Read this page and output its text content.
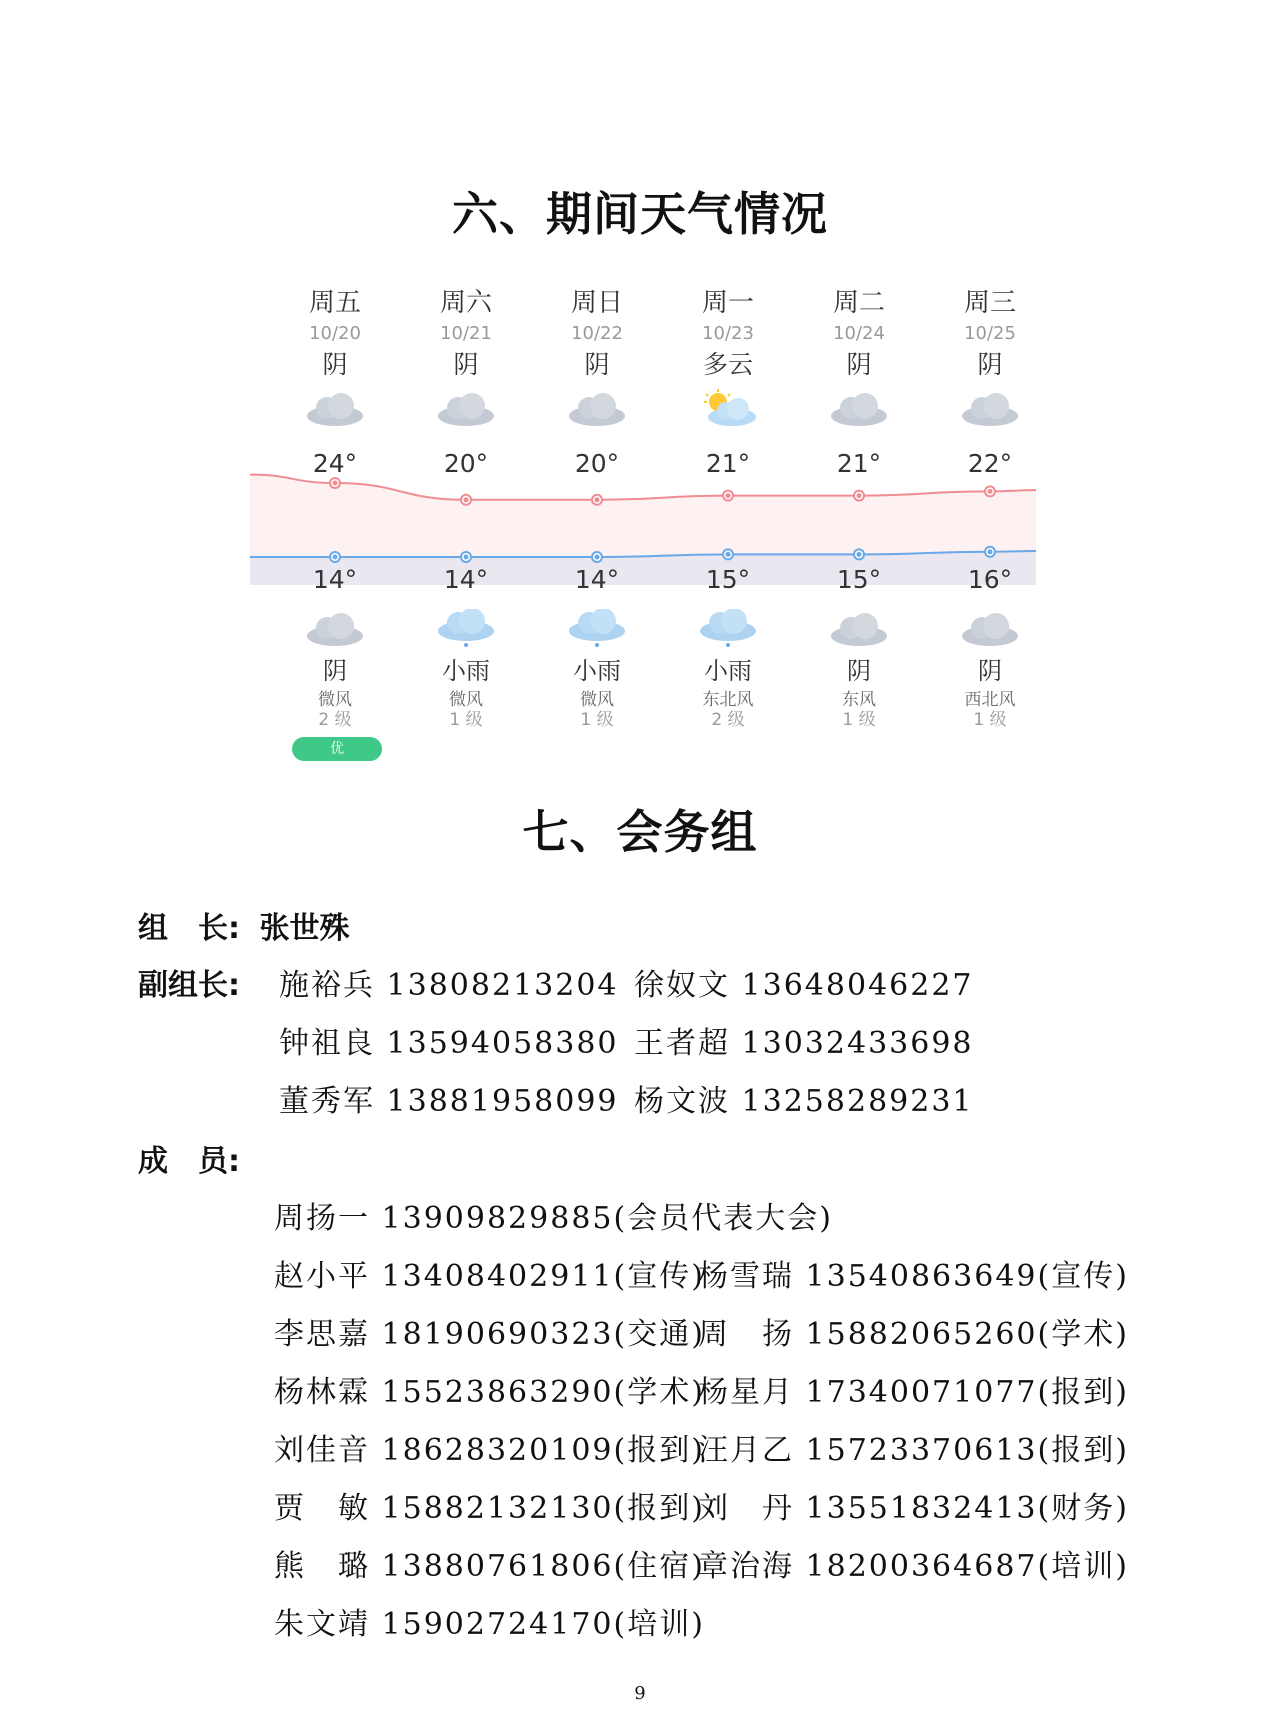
六、期间天气情况
周五
10/20
阴
24°
14°
阴
微风
2 级
周六
10/21
阴
20°
14°
小雨
微风
1 级
周日
10/22
阴
20°
14°
小雨
微风
1 级
周一
10/23
多云
21°
15°
小雨
东北风
2 级
周二
10/24
阴
21°
15°
阴
东风
1 级
周三
10/25
阴
22°
16°
阴
西北风
1 级
优
七、会务组
组　长: 张世殊
副组长: 施裕兵 13808213204 徐奴文 13648046227
钟祖良 13594058380 王者超 13032433698
董秀军 13881958099 杨文波 13258289231
成　员:
周扬一 13909829885(会员代表大会)
赵小平 13408402911(宣传)
杨雪瑞 13540863649(宣传)
李思嘉 18190690323(交通)
周　扬 15882065260(学术)
杨林霖 15523863290(学术)
杨星月 17340071077(报到)
刘佳音 18628320109(报到)
汪月乙 15723370613(报到)
贾　敏 15882132130(报到)
刘　丹 13551832413(财务)
熊　璐 13880761806(住宿)
章治海 18200364687(培训)
朱文靖 15902724170(培训)
9
